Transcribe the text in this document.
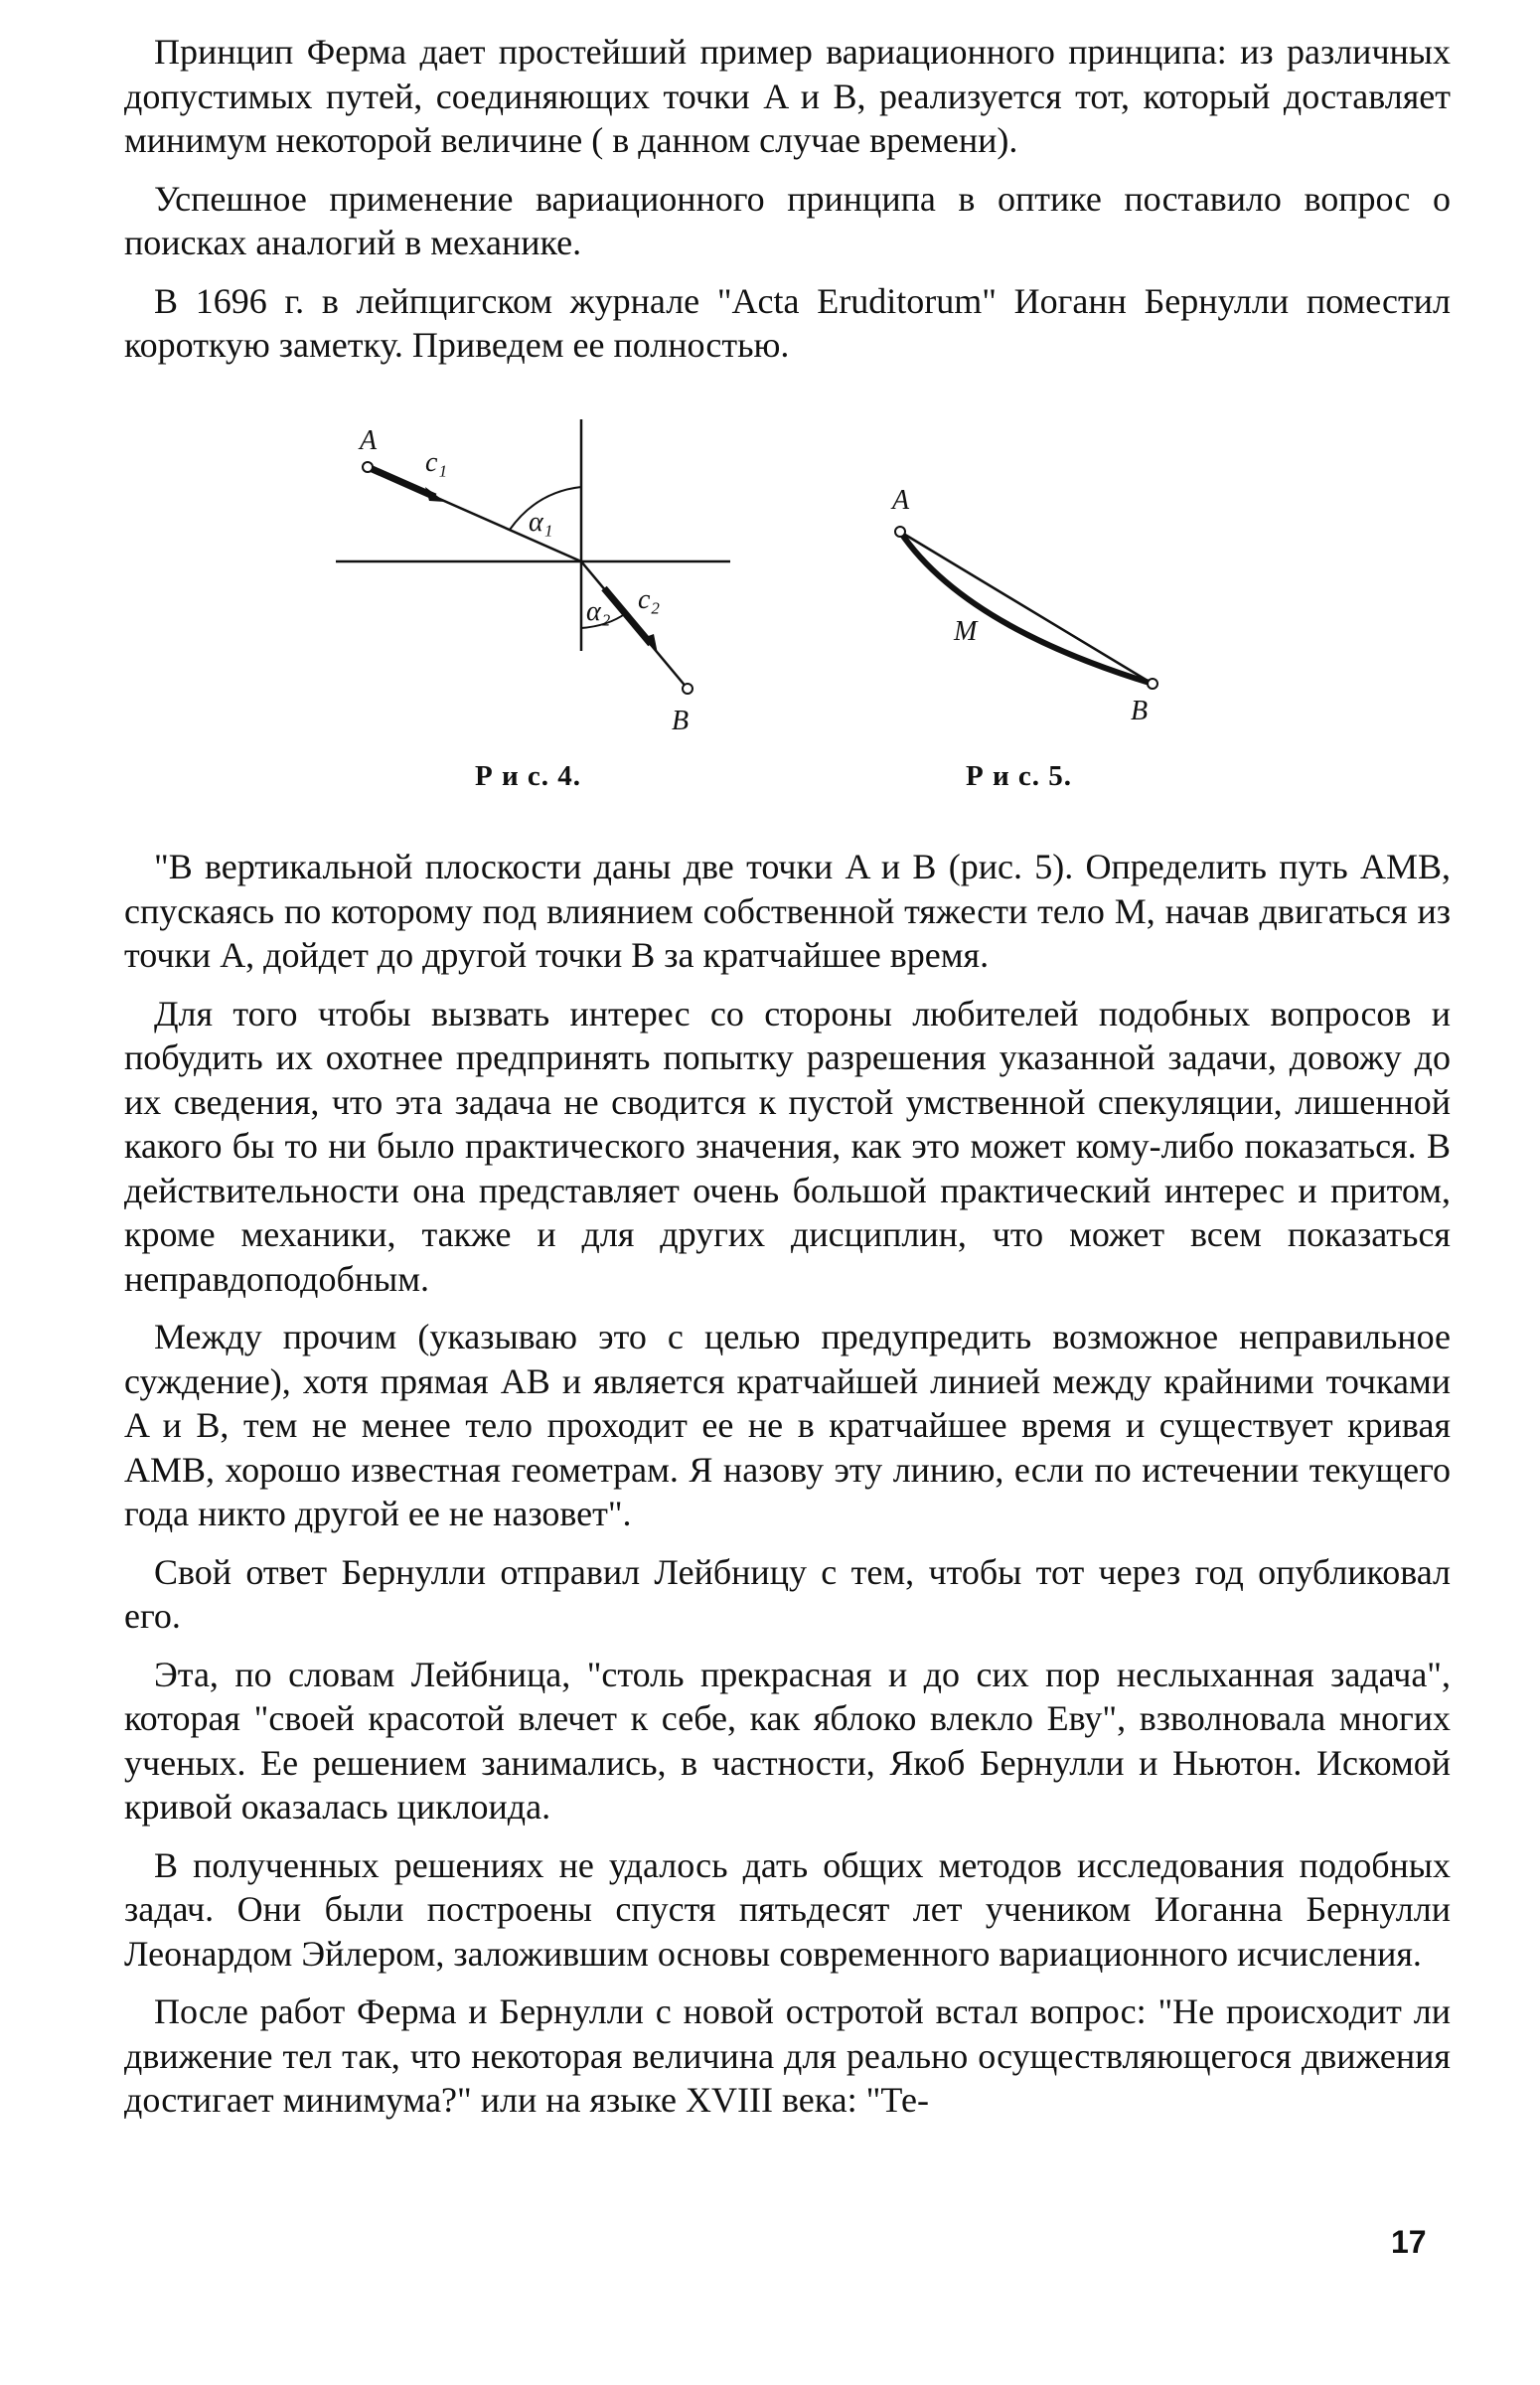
Принцип Ферма дает простейший пример вариационного принципа: из различных допустимых путей, соединяющих точки A и B, реализуется тот, который доставляет минимум некоторой величине ( в данном случае времени).

Успешное применение вариационного принципа в оптике поставило вопрос о поисках аналогий в механике.

В 1696 г. в лейпцигском журнале "Acta Eruditorum" Иоганн Бернулли поместил короткую заметку. Приведем ее полностью.

A
c₁
α₁
c₂
α₂
B
Р и с. 4.
A
M
B
Р и с. 5.

"В вертикальной плоскости даны две точки A и B (рис. 5). Определить путь AMB, спускаясь по которому под влиянием собственной тяжести тело M, начав двигаться из точки A, дойдет до другой точки B за кратчайшее время.

Для того чтобы вызвать интерес со стороны любителей подобных вопросов и побудить их охотнее предпринять попытку разрешения указанной задачи, довожу до их сведения, что эта задача не сводится к пустой умственной спекуляции, лишенной какого бы то ни было практического значения, как это может кому-либо показаться. В действительности она представляет очень большой практический интерес и притом, кроме механики, также и для других дисциплин, что может всем показаться неправдоподобным.

Между прочим (указываю это с целью предупредить возможное неправильное суждение), хотя прямая AB и является кратчайшей линией между крайними точками A и B, тем не менее тело проходит ее не в кратчайшее время и существует кривая AMB, хорошо известная геометрам. Я назову эту линию, если по истечении текущего года никто другой ее не назовет".

Свой ответ Бернулли отправил Лейбницу с тем, чтобы тот через год опубликовал его.

Эта, по словам Лейбница, "столь прекрасная и до сих пор неслыханная задача", которая "своей красотой влечет к себе, как яблоко влекло Еву", взволновала многих ученых. Ее решением занимались, в частности, Якоб Бернулли и Ньютон. Искомой кривой оказалась циклоида.

В полученных решениях не удалось дать общих методов исследования подобных задач. Они были построены спустя пятьдесят лет учеником Иоганна Бернулли Леонардом Эйлером, заложившим основы современного вариационного исчисления.

После работ Ферма и Бернулли с новой остротой встал вопрос: "Не происходит ли движение тел так, что некоторая величина для реально осуществляющегося движения достигает минимума?" или на языке XVIII века: "Те-

17
